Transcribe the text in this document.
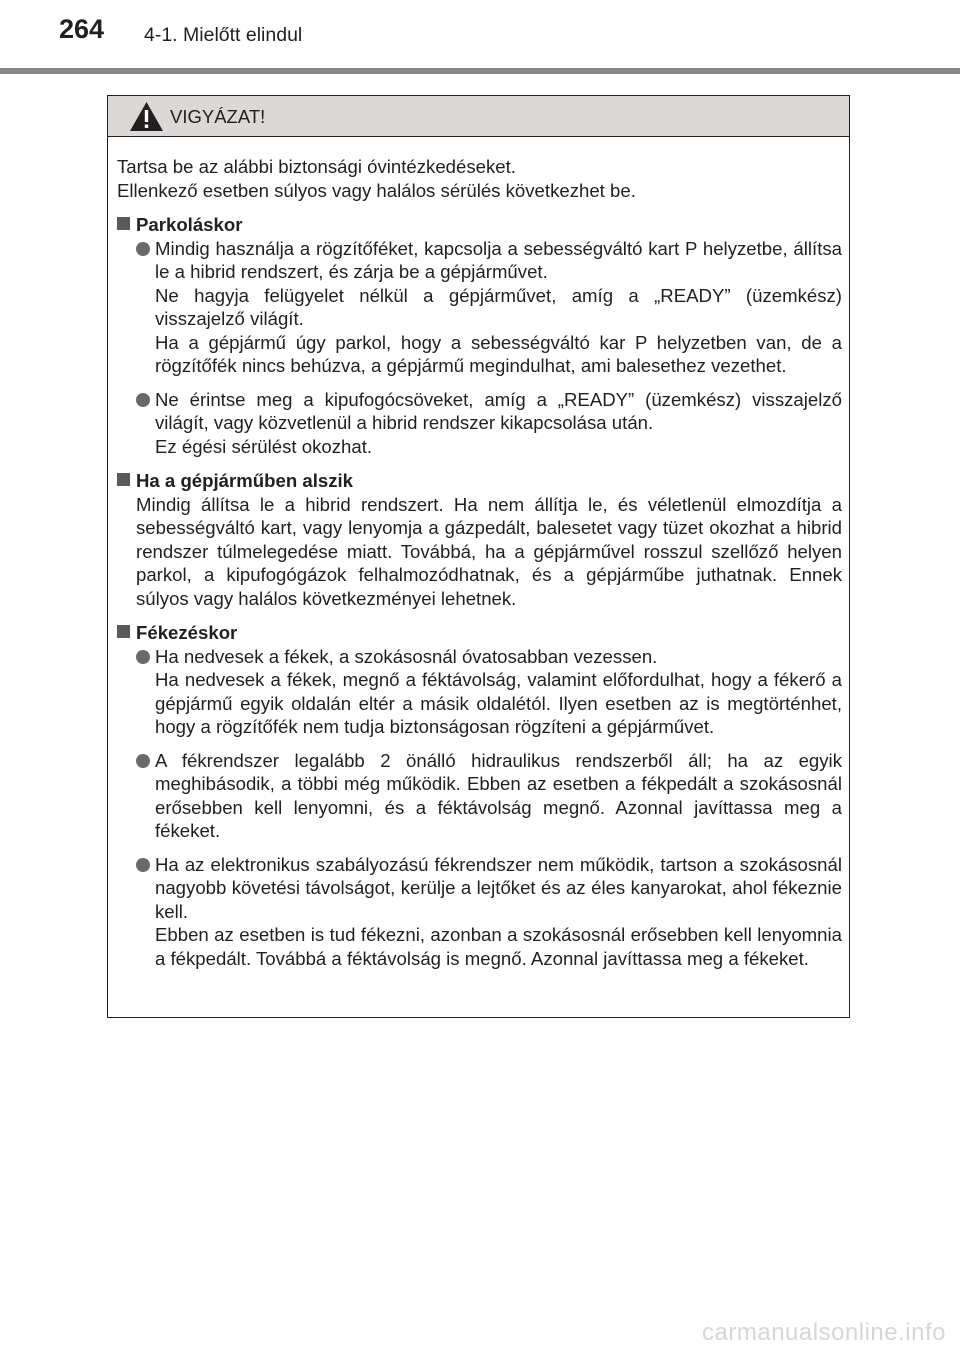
264 4-1. Mielőtt elindul
VIGYÁZAT!

Tartsa be az alábbi biztonsági óvintézkedéseket.

Ellenkező esetben súlyos vagy halálos sérülés következhet be.

Parkoláskor

Mindig használja a rögzítőféket, kapcsolja a sebességváltó kart P helyzetbe, állítsa le a hibrid rendszert, és zárja be a gépjárművet.

Ne hagyja felügyelet nélkül a gépjárművet, amíg a „READY” (üzemkész) visszajelző világít.

Ha a gépjármű úgy parkol, hogy a sebességváltó kar P helyzetben van, de a rögzítőfék nincs behúzva, a gépjármű megindulhat, ami balesethez vezethet.

Ne érintse meg a kipufogócsöveket, amíg a „READY” (üzemkész) visszajelző világít, vagy közvetlenül a hibrid rendszer kikapcsolása után.

Ez égési sérülést okozhat.

Ha a gépjárműben alszik
Mindig állítsa le a hibrid rendszert. Ha nem állítja le, és véletlenül elmozdítja a sebességváltó kart, vagy lenyomja a gázpedált, balesetet vagy tüzet okozhat a hibrid rendszer túlmelegedése miatt. Továbbá, ha a gépjárművel rosszul szellőző helyen parkol, a kipufogógázok felhalmozódhatnak, és a gépjárműbe juthatnak. Ennek súlyos vagy halálos következményei lehetnek.
Fékezéskor

Ha nedvesek a fékek, a szokásosnál óvatosabban vezessen.

Ha nedvesek a fékek, megnő a féktávolság, valamint előfordulhat, hogy a fékerő a gépjármű egyik oldalán eltér a másik oldalétól. Ilyen esetben az is megtörténhet, hogy a rögzítőfék nem tudja biztonságosan rögzíteni a gépjárművet.

A fékrendszer legalább 2 önálló hidraulikus rendszerből áll; ha az egyik meghibásodik, a többi még működik. Ebben az esetben a fékpedált a szokásosnál erősebben kell lenyomni, és a féktávolság megnő. Azonnal javíttassa meg a fékeket.

Ha az elektronikus szabályozású fékrendszer nem működik, tartson a szokásosnál nagyobb követési távolságot, kerülje a lejtőket és az éles kanyarokat, ahol fékeznie kell.

Ebben az esetben is tud fékezni, azonban a szokásosnál erősebben kell lenyomnia a fékpedált. Továbbá a féktávolság is megnő. Azonnal javíttassa meg a fékeket.

carmanualsonline.info
